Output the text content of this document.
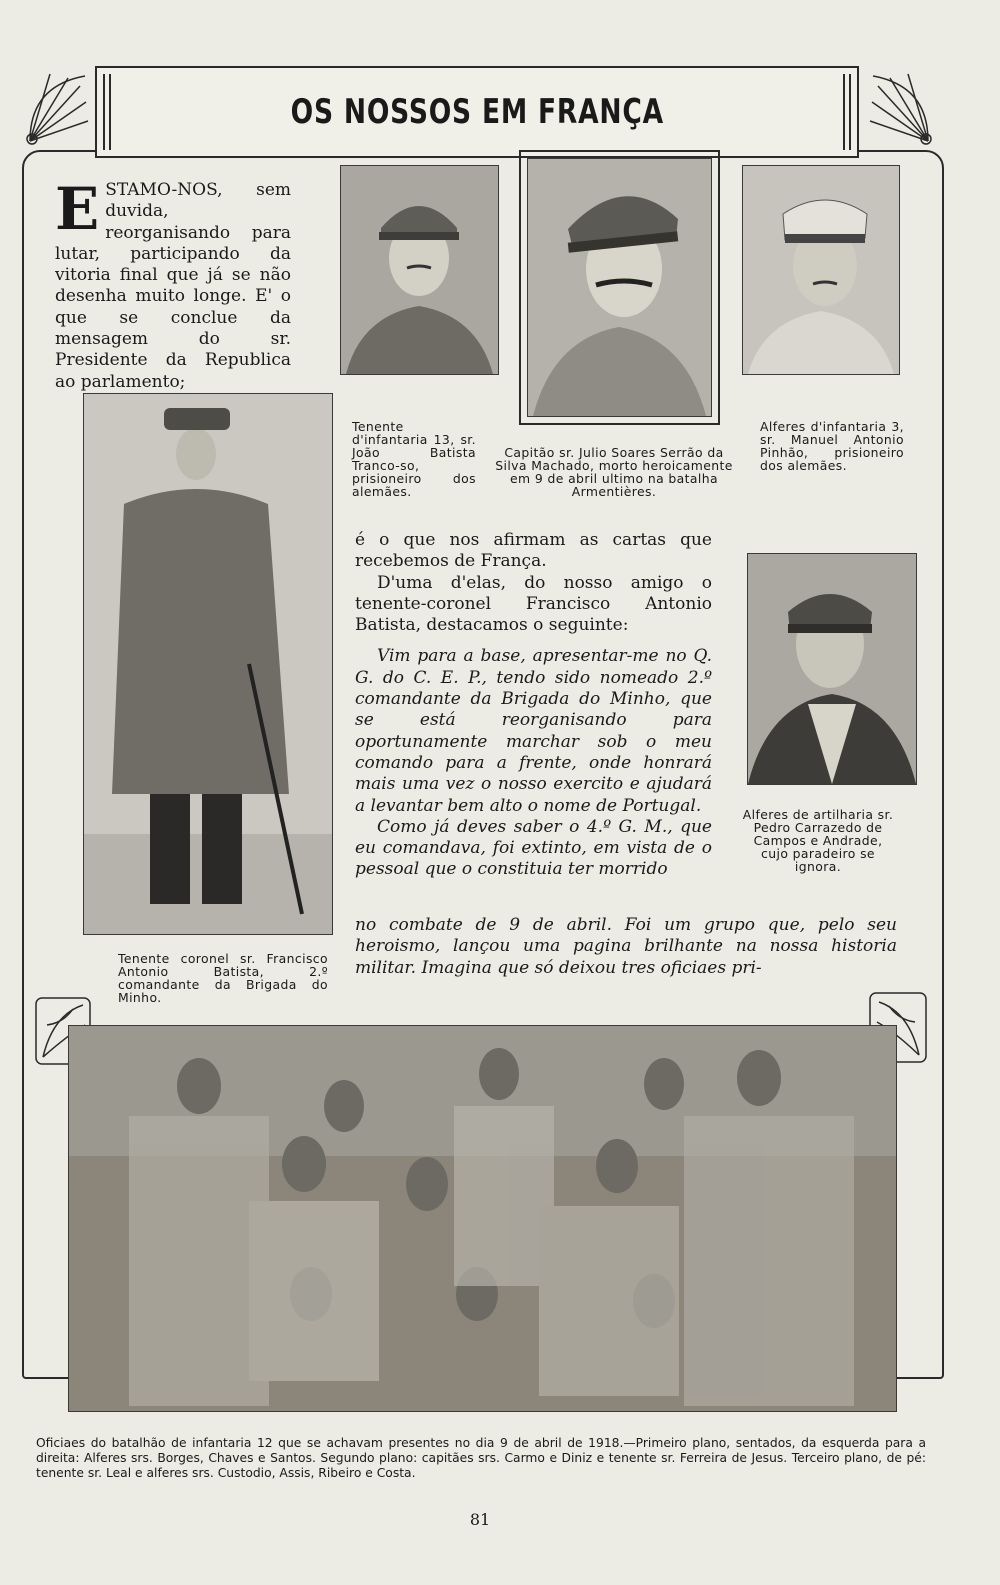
OS NOSSOS EM FRANÇA
E STAMO-NOS, sem duvida, reorganisando para lutar, participando da vitoria final que já se não desenha muito longe. E' o que se conclue da mensagem do sr. Presidente da Republica ao parlamento;
Tenente d'infantaria 13, sr. João Batista Tranco-so, prisioneiro dos alemães.
Capitão sr. Julio Soares Serrão da Silva Machado, morto heroicamente em 9 de abril ultimo na batalha Armentières.
Alferes d'infantaria 3, sr. Manuel Antonio Pinhão, prisioneiro dos alemães.
Tenente coronel sr. Francisco Antonio Batista, 2.º comandante da Brigada do Minho.
Alferes de artilharia sr. Pedro Carrazedo de Campos e Andrade, cujo paradeiro se ignora.

é o que nos afirmam as cartas que recebemos de França.

D'uma d'elas, do nosso amigo o tenente-coronel Francisco Antonio Batista, destacamos o seguinte:

Vim para a base, apresentar-me no Q. G. do C. E. P., tendo sido nomeado 2.º comandante da Brigada do Minho, que se está reorganisando para oportunamente marchar sob o meu comando para a frente, onde honrará mais uma vez o nosso exercito e ajudará a levantar bem alto o nome de Portugal.

Como já deves saber o 4.º G. M., que eu comandava, foi extinto, em vista de o pessoal que o constituia ter morrido

no combate de 9 de abril. Foi um grupo que, pelo seu heroismo, lançou uma pagina brilhante na nossa historia militar. Imagina que só deixou tres oficiaes pri-

Oficiaes do batalhão de infantaria 12 que se achavam presentes no dia 9 de abril de 1918.—Primeiro plano, sentados, da esquerda para a direita: Alferes srs. Borges, Chaves e Santos. Segundo plano: capitães srs. Carmo e Diniz e tenente sr. Ferreira de Jesus. Terceiro plano, de pé: tenente sr. Leal e alferes srs. Custodio, Assis, Ribeiro e Costa.
81
